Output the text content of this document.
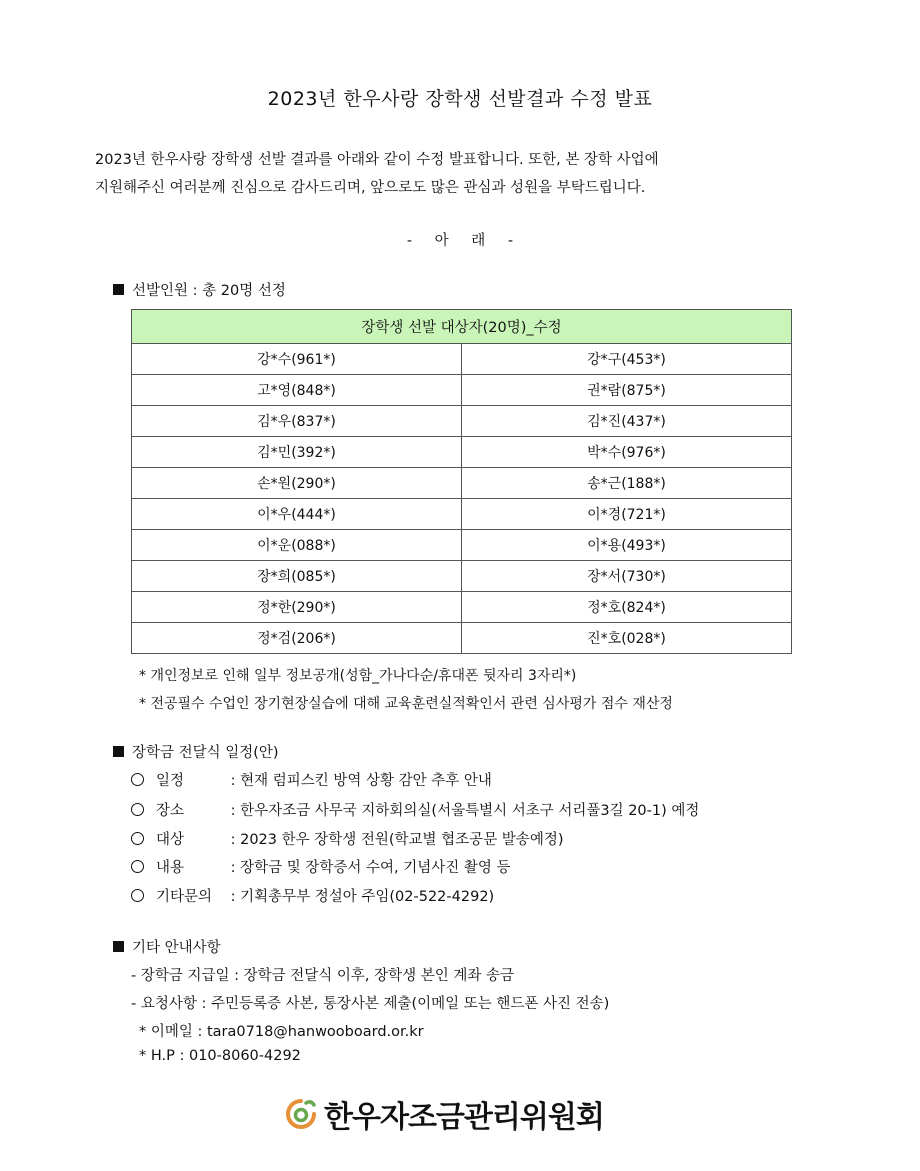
2023년 한우사랑 장학생 선발결과 수정 발표

2023년 한우사랑 장학생 선발 결과를 아래와 같이 수정 발표합니다. 또한, 본 장학 사업에

지원해주신 여러분께 진심으로 감사드리며, 앞으로도 많은 관심과 성원을 부탁드립니다.

- 아 래 -
선발인원 : 총 20명 선정
장학생 선발 대상자(20명)_수정	
강*수(961*)	강*구(453*)
고*영(848*)	권*람(875*)
김*우(837*)	김*진(437*)
김*민(392*)	박*수(976*)
손*원(290*)	송*근(188*)
이*우(444*)	이*경(721*)
이*운(088*)	이*용(493*)
장*희(085*)	장*서(730*)
정*한(290*)	정*호(824*)
정*검(206*)	진*호(028*)
* 개인정보로 인해 일부 정보공개(성함_가나다순/휴대폰 뒷자리 3자리*)
* 전공필수 수업인 장기현장실습에 대해 교육훈련실적확인서 관련 심사평가 점수 재산정
장학금 전달식 일정(안)
일정	: 현재 럼피스킨 방역 상황 감안 추후 안내
장소	: 한우자조금 사무국 지하회의실(서울특별시 서초구 서리풀3길 20-1) 예정
대상	: 2023 한우 장학생 전원(학교별 협조공문 발송예정)
내용	: 장학금 및 장학증서 수여, 기념사진 촬영 등
기타문의 : 기획총무부 정설아 주임(02-522-4292)
기타 안내사항
- 장학금 지급일 : 장학금 전달식 이후, 장학생 본인 계좌 송금
- 요청사항 : 주민등록증 사본, 통장사본 제출(이메일 또는 핸드폰 사진 전송)
* 이메일 : tara0718@hanwooboard.or.kr
* H.P : 010-8060-4292
한우자조금관리위원회
